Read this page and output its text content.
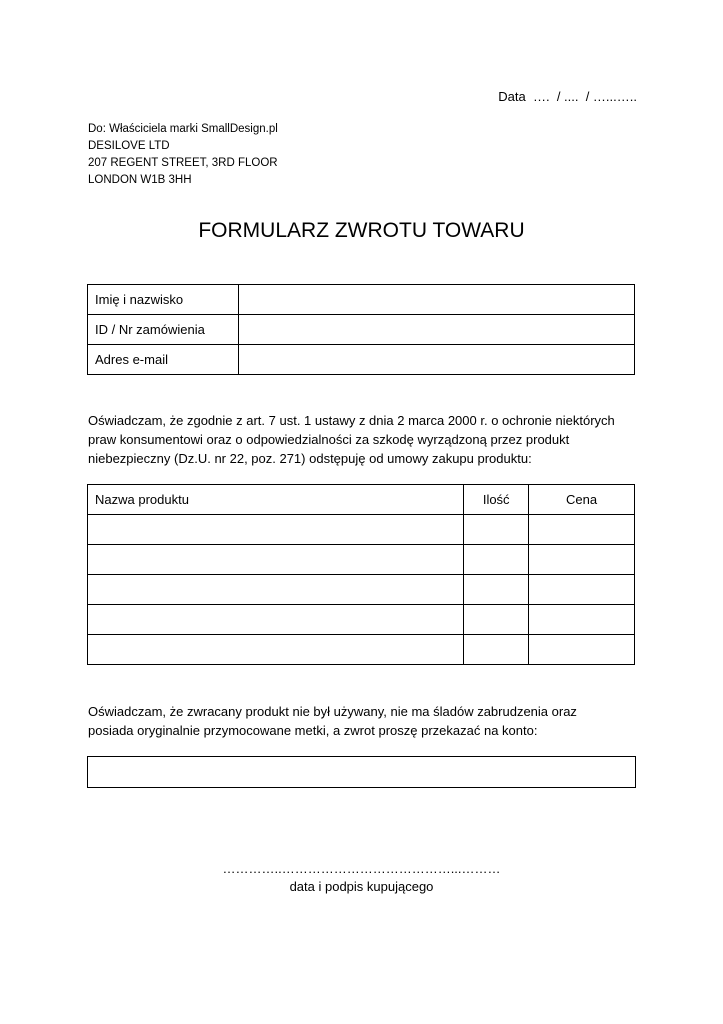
Data  ….  / ....  / …...…..
Do: Właściciela marki SmallDesign.pl
DESILOVE LTD
207 REGENT STREET, 3RD FLOOR
LONDON W1B 3HH
FORMULARZ ZWROTU TOWARU
Imię i nazwisko	
ID / Nr zamówienia	
Adres e-mail	
Oświadczam, że zgodnie z art. 7 ust. 1 ustawy z dnia 2 marca 2000 r. o ochronie niektórych
praw konsumentowi oraz o odpowiedzialności za szkodę wyrządzoną przez produkt
niebezpieczny (Dz.U. nr 22, poz. 271) odstępuję od umowy zakupu produktu:
Nazwa produktu	Ilość	Cena

Oświadczam, że zwracany produkt nie był używany, nie ma śladów zabrudzenia oraz
posiada oryginalnie przymocowane metki, a zwrot proszę przekazać na konto:
…………..…………………………………...………
data i podpis kupującego
